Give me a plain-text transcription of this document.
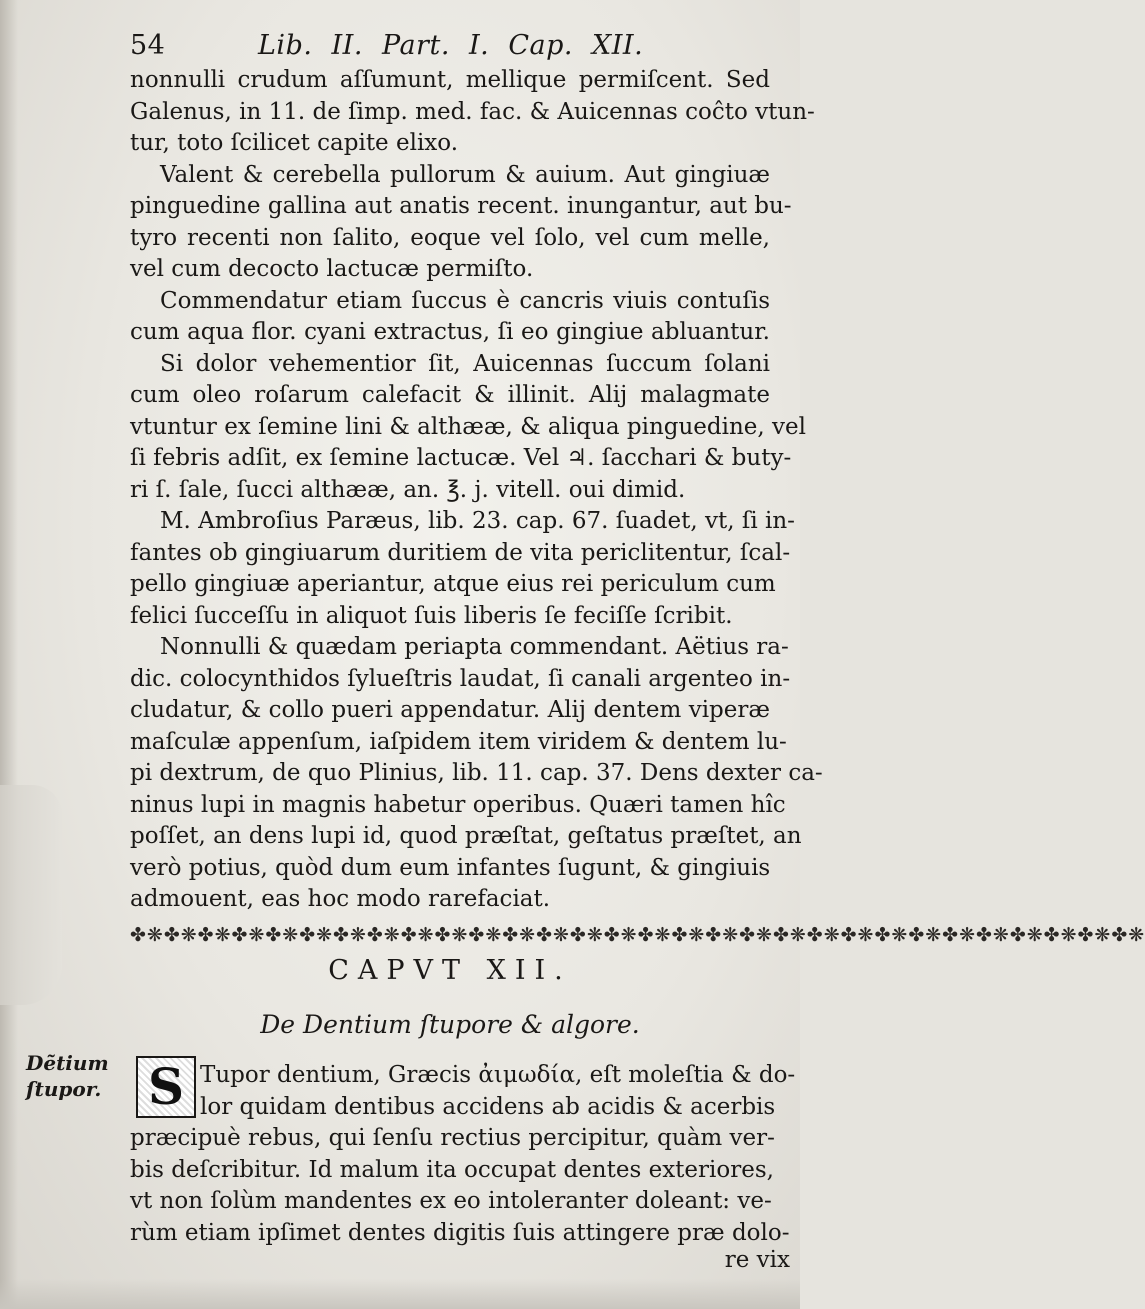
54	Lib. II. Part. I. Cap. XII.
nonnulli crudum aſſumunt, mellique permiſcent. Sed
Galenus, in 11. de ſimp. med. fac. & Auicennas coĉto vtun-
tur, toto ſcilicet capite elixo.
Valent & cerebella pullorum & auium. Aut gingiuæ
pinguedine gallina aut anatis recent. inungantur, aut bu-
tyro recenti non ſalito, eoque vel ſolo, vel cum melle,
vel cum decocto lactucæ permiſto.
Commendatur etiam ſuccus è cancris viuis contuſis
cum aqua flor. cyani extractus, ſi eo gingiue abluantur.
Si dolor vehementior ſit, Auicennas ſuccum ſolani
cum oleo roſarum calefacit & illinit. Alij malagmate
vtuntur ex ſemine lini & althææ, & aliqua pinguedine, vel
ſi febris adſit, ex ſemine lactucæ. Vel ♃. ſacchari & buty-
ri ſ. ſale, ſucci althææ, an. ℥. j. vitell. oui dimid.
M. Ambroſius Paræus, lib. 23. cap. 67. ſuadet, vt, ſi in-
fantes ob gingiuarum duritiem de vita periclitentur, ſcal-
pello gingiuæ aperiantur, atque eius rei periculum cum
felici ſucceſſu in aliquot ſuis liberis ſe feciſſe ſcribit.
Nonnulli & quædam periapta commendant. Aëtius ra-
dic. colocynthidos ſylueſtris laudat, ſi canali argenteo in-
cludatur, & collo pueri appendatur. Alij dentem viperæ
maſculæ appenſum, iaſpidem item viridem & dentem lu-
pi dextrum, de quo Plinius, lib. 11. cap. 37. Dens dexter ca-
ninus lupi in magnis habetur operibus. Quæri tamen hîc
poſſet, an dens lupi id, quod præſtat, geſtatus præſtet, an
verò potius, quòd dum eum infantes ſugunt, & gingiuis
admouent, eas hoc modo rarefaciat.
✤❋✤❋✤❋✤❋✤❋✤❋✤❋✤❋✤❋✤❋✤❋✤❋✤❋✤❋✤❋✤❋✤❋✤❋✤❋✤❋✤❋✤❋✤❋✤❋✤❋✤❋✤❋✤❋✤❋✤❋
CAPVT XII.
De Dentium ſtupore & algore.
Dẽtium ſtupor. S Tupor dentium, Græcis ἀιμωδία, eſt moleſtia & do-
lor quidam dentibus accidens ab acidis & acerbis
præcipuè rebus, qui ſenſu rectius percipitur, quàm ver-
bis deſcribitur. Id malum ita occupat dentes exteriores,
vt non ſolùm mandentes ex eo intoleranter doleant: ve-
rùm etiam ipſimet dentes digitis ſuis attingere præ dolo-
re vix
